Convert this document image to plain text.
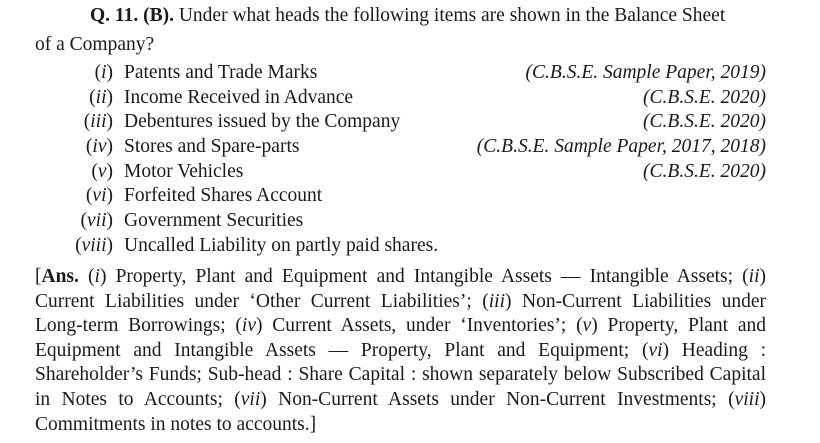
Q. 11. (B). Under what heads the following items are shown in the Balance Sheet
of a Company?
(i) Patents and Trade Marks	(C.B.S.E. Sample Paper, 2019)
(ii) Income Received in Advance	(C.B.S.E. 2020)
(iii) Debentures issued by the Company	(C.B.S.E. 2020)
(iv) Stores and Spare-parts	(C.B.S.E. Sample Paper, 2017, 2018)
(v) Motor Vehicles	(C.B.S.E. 2020)
(vi) Forfeited Shares Account
(vii) Government Securities
(viii) Uncalled Liability on partly paid shares.
[Ans. (i) Property, Plant and Equipment and Intangible Assets — Intangible Assets; (ii) Current Liabilities under ‘Other Current Liabilities’; (iii) Non-Current Liabilities under Long-term Borrowings; (iv) Current Assets, under ‘Inventories’; (v) Property, Plant and Equipment and Intangible Assets — Property, Plant and Equipment; (vi) Heading : Shareholder’s Funds; Sub-head : Share Capital : shown separately below Subscribed Capital in Notes to Accounts; (vii) Non-Current Assets under Non-Current Investments; (viii) Commitments in notes to accounts.]
